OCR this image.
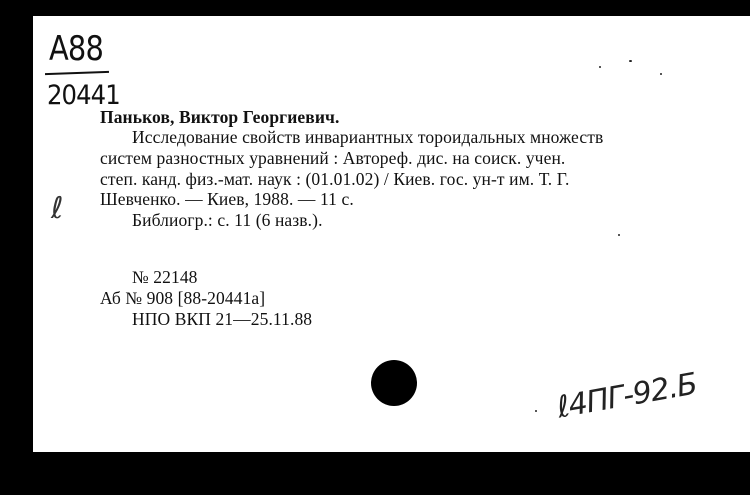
A88
20441
Паньков, Виктор Георгиевич.
Исследование свойств инвариантных тороидальных множеств
систем разностных уравнений : Автореф. дис. на соиск. учен.
степ. канд. физ.-мат. наук : (01.01.02) / Киев. гос. ун-т им. Т. Г.
Шевченко. — Киев, 1988. — 11 с.
ℓ	Библиогр.: с. 11 (6 назв.).
№ 22148
Аб № 908 [88-20441а]
НПО ВКП 21—25.11.88
ℓ4ПГ-92.Б
